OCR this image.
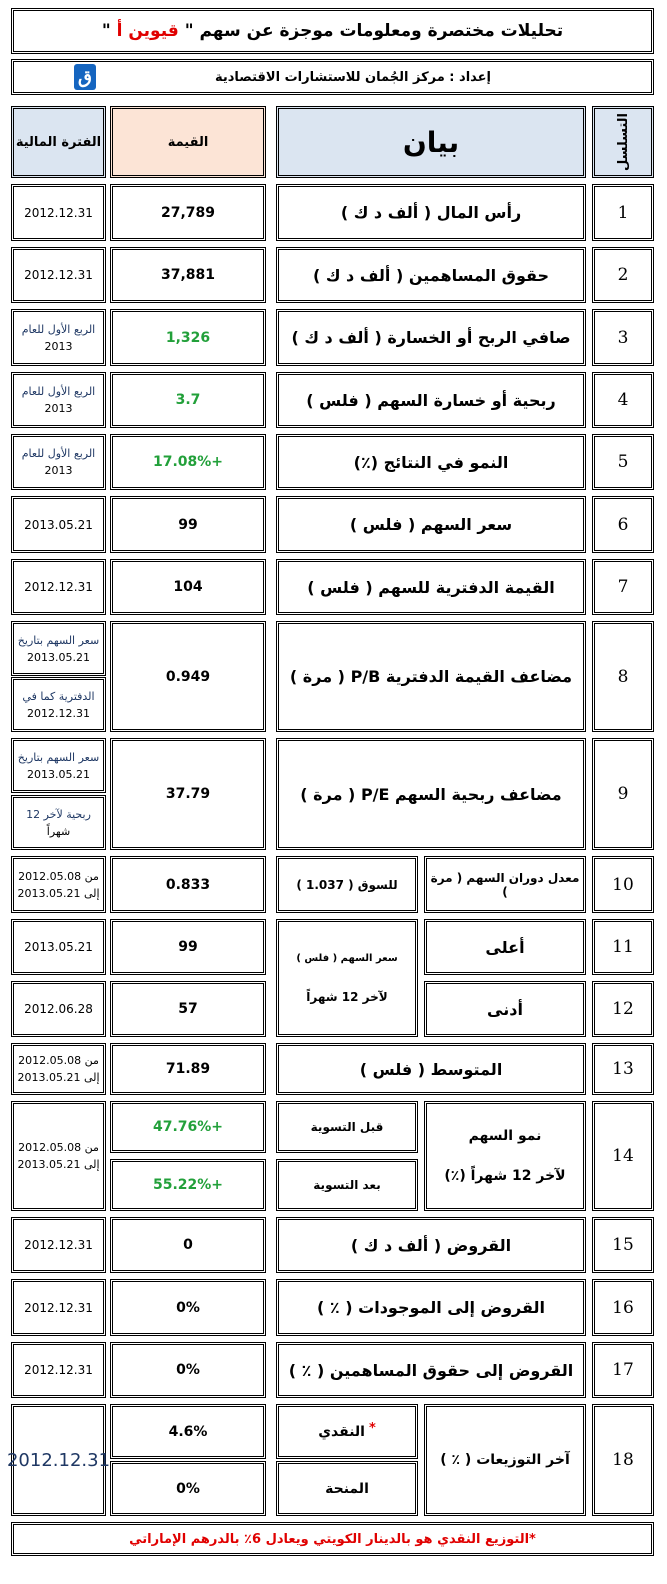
تحليلات مختصرة ومعلومات موجزة عن سهم "

قيوين أ

"
إعداد : مركز الجُمان للاستشارات الاقتصادية
ق
التسلسل
بيان
القيمة
الفترة المالية
1
رأس المال ( ألف د ك )
27,789
2012.12.31
2
حقوق المساهمين ( ألف د ك )
37,881
2012.12.31
3
صافي الربح أو الخسارة ( ألف د ك )
1,326
الربع الأول للعام
2013
4
ربحية أو خسارة السهم ( فلس )
3.7
الربع الأول للعام
2013
5
النمو في النتائج (٪)
17.08%+
الربع الأول للعام
2013
6
سعر السهم ( فلس )
99
2013.05.21
7
القيمة الدفترية للسهم ( فلس )
104
2012.12.31
8
مضاعف القيمة الدفترية P/B ( مرة )
0.949
سعر السهم بتاريخ
2013.05.21
الدفترية كما في
2012.12.31
9
مضاعف ربحية السهم P/E ( مرة )
37.79
سعر السهم بتاريخ
2013.05.21
ربحية لآخر 12
شهراً
10
معدل دوران السهم ( مرة )
للسوق ( 1.037 )
0.833
من 2012.05.08
إلى 2013.05.21
11
أعلى
سعر السهم ( فلس )
لآخر 12 شهراً
99
2013.05.21
12
أدنى
57
2012.06.28
13
المتوسط ( فلس )
71.89
من 2012.05.08
إلى 2013.05.21
14
نمو السهم
لآخر 12 شهراً (٪)
قبل التسوية
بعد التسوية
47.76%+
55.22%+
من 2012.05.08
إلى 2013.05.21
15
القروض ( ألف د ك )
0
2012.12.31
16
القروض إلى الموجودات ( ٪ )
0%
2012.12.31
17
القروض إلى حقوق المساهمين ( ٪ )
0%
2012.12.31
18
آخر التوزيعات ( ٪ )
النقدي *
المنحة
4.6%
0%
2012.12.31
*التوزيع النقدي هو بالدينار الكويتي ويعادل 6٪ بالدرهم الإماراتي
